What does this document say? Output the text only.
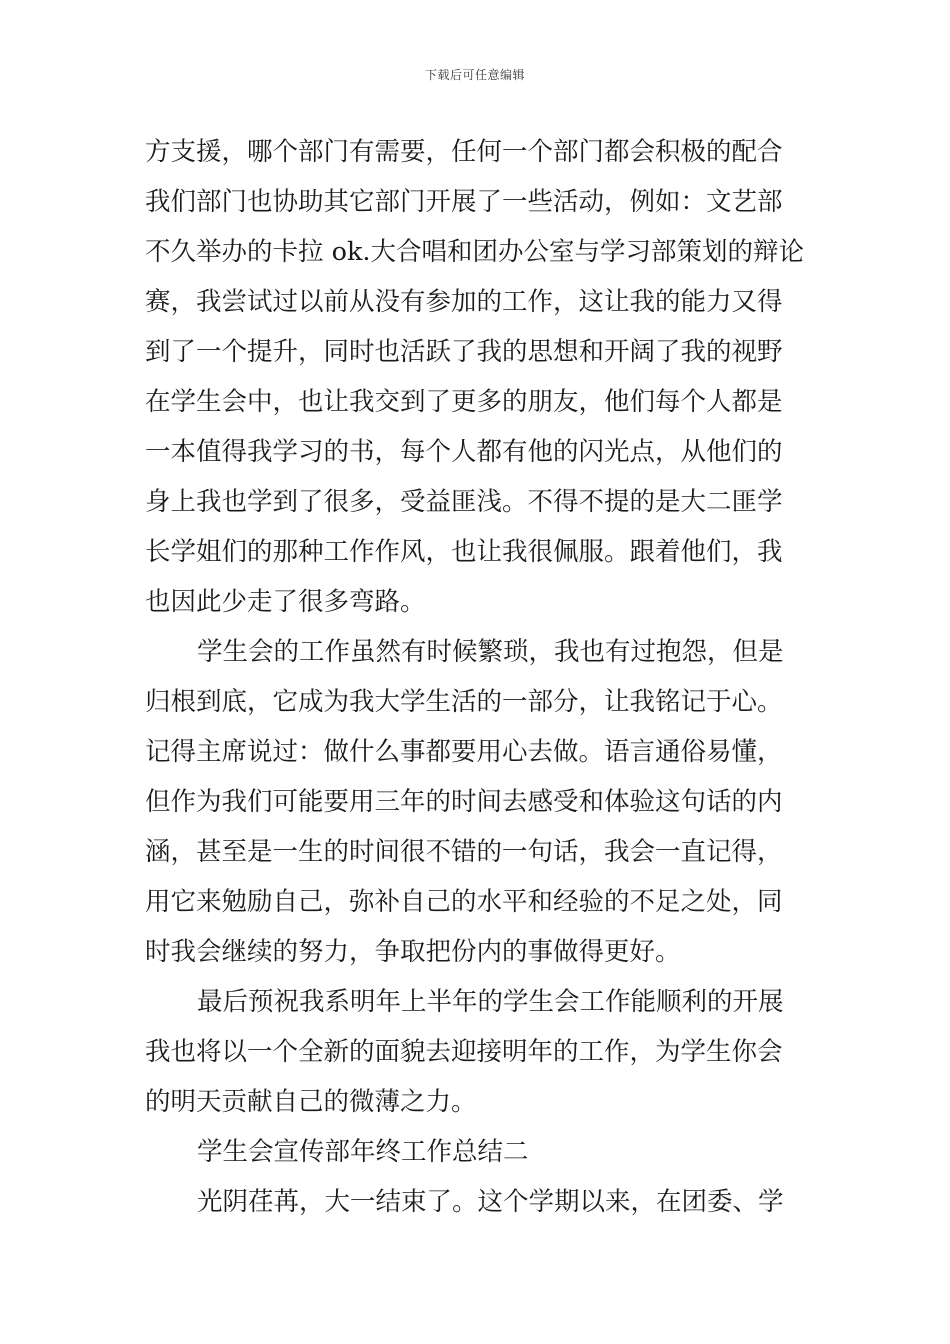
下载后可任意编辑
方支援，哪个部门有需要，任何一个部门都会积极的配合
我们部门也协助其它部门开展了一些活动，例如：文艺部
不久举办的卡拉 ok.大合唱和团办公室与学习部策划的辩论
赛，我尝试过以前从没有参加的工作，这让我的能力又得
到了一个提升，同时也活跃了我的思想和开阔了我的视野
在学生会中，也让我交到了更多的朋友，他们每个人都是
一本值得我学习的书，每个人都有他的闪光点，从他们的
身上我也学到了很多，受益匪浅。不得不提的是大二匪学
长学姐们的那种工作作风，也让我很佩服。跟着他们，我
也因此少走了很多弯路。
学生会的工作虽然有时候繁琐，我也有过抱怨，但是
归根到底，它成为我大学生活的一部分，让我铭记于心。
记得主席说过：做什么事都要用心去做。语言通俗易懂，
但作为我们可能要用三年的时间去感受和体验这句话的内
涵，甚至是一生的时间很不错的一句话，我会一直记得，
用它来勉励自己，弥补自己的水平和经验的不足之处，同
时我会继续的努力，争取把份内的事做得更好。
最后预祝我系明年上半年的学生会工作能顺利的开展
我也将以一个全新的面貌去迎接明年的工作，为学生你会
的明天贡献自己的微薄之力。
学生会宣传部年终工作总结二
光阴荏苒，大一结束了。这个学期以来，在团委、学
